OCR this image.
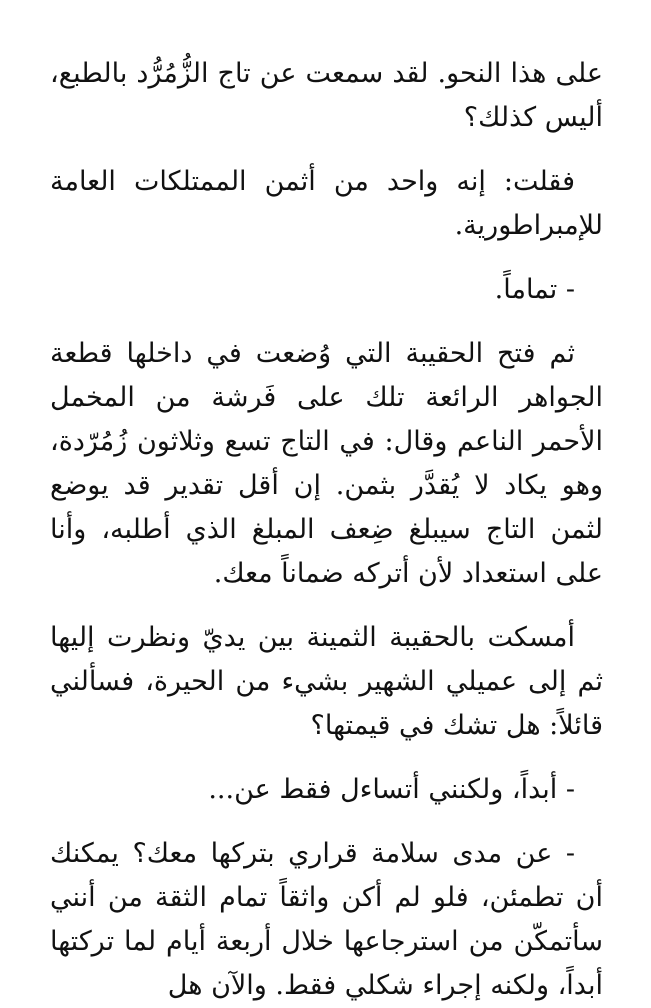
على هذا النحو. لقد سمعت عن تاج الزُّمُرُّد بالطبع، أليس كذلك؟

فقلت: إنه واحد من أثمن الممتلكات العامة للإمبراطورية.

- تماماً.

ثم فتح الحقيبة التي وُضعت في داخلها قطعة الجواهر الرائعة تلك على فَرشة من المخمل الأحمر الناعم وقال: في التاج تسع وثلاثون زُمُرّدة، وهو يكاد لا يُقدَّر بثمن. إن أقل تقدير قد يوضع لثمن التاج سيبلغ ضِعف المبلغ الذي أطلبه، وأنا على استعداد لأن أتركه ضماناً معك.

أمسكت بالحقيبة الثمينة بين يديّ ونظرت إليها ثم إلى عميلي الشهير بشيء من الحيرة، فسألني قائلاً: هل تشك في قيمتها؟

- أبداً، ولكنني أتساءل فقط عن...

- عن مدى سلامة قراري بتركها معك؟ يمكنك أن تطمئن، فلو لم أكن واثقاً تمام الثقة من أنني سأتمكّن من استرجاعها خلال أربعة أيام لما تركتها أبداً، ولكنه إجراء شكلي فقط. والآن هل
